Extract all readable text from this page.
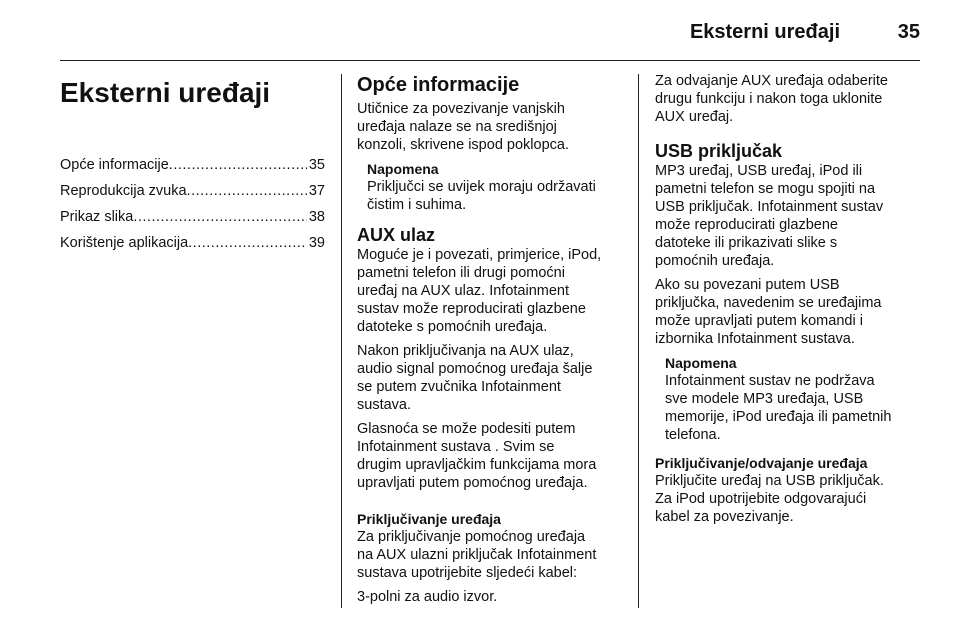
Eksterni uređaji	35
Eksterni uređaji
Opće informacije .....	35
Reprodukcija zvuka .....	37
Prikaz slika .....	38
Korištenje aplikacija .....	39
Opće informacije

Utičnice za povezivanje vanjskih
uređaja nalaze se na središnjoj
konzoli, skrivene ispod poklopca.

Napomena

Priključci se uvijek moraju održavati
čistim i suhima.

AUX ulaz

Moguće je i povezati, primjerice, iPod,
pametni telefon ili drugi pomoćni
uređaj na AUX ulaz. Infotainment
sustav može reproducirati glazbene
datoteke s pomoćnih uređaja.

Nakon priključivanja na AUX ulaz,
audio signal pomoćnog uređaja šalje
se putem zvučnika Infotainment
sustava.

Glasnoća se može podesiti putem
Infotainment sustava . Svim se
drugim upravljačkim funkcijama mora
upravljati putem pomoćnog uređaja.

Priključivanje uređaja

Za priključivanje pomoćnog uređaja
na AUX ulazni priključak Infotainment
sustava upotrijebite sljedeći kabel:

3-polni za audio izvor.

Za odvajanje AUX uređaja odaberite
drugu funkciju i nakon toga uklonite
AUX uređaj.

USB priključak

MP3 uređaj, USB uređaj, iPod ili
pametni telefon se mogu spojiti na
USB priključak. Infotainment sustav
može reproducirati glazbene
datoteke ili prikazivati slike s
pomoćnih uređaja.

Ako su povezani putem USB
priključka, navedenim se uređajima
može upravljati putem komandi i
izbornika Infotainment sustava.

Napomena

Infotainment sustav ne podržava
sve modele MP3 uređaja, USB
memorije, iPod uređaja ili pametnih
telefona.

Priključivanje/odvajanje uređaja

Priključite uređaj na USB priključak.
Za iPod upotrijebite odgovarajući
kabel za povezivanje.
